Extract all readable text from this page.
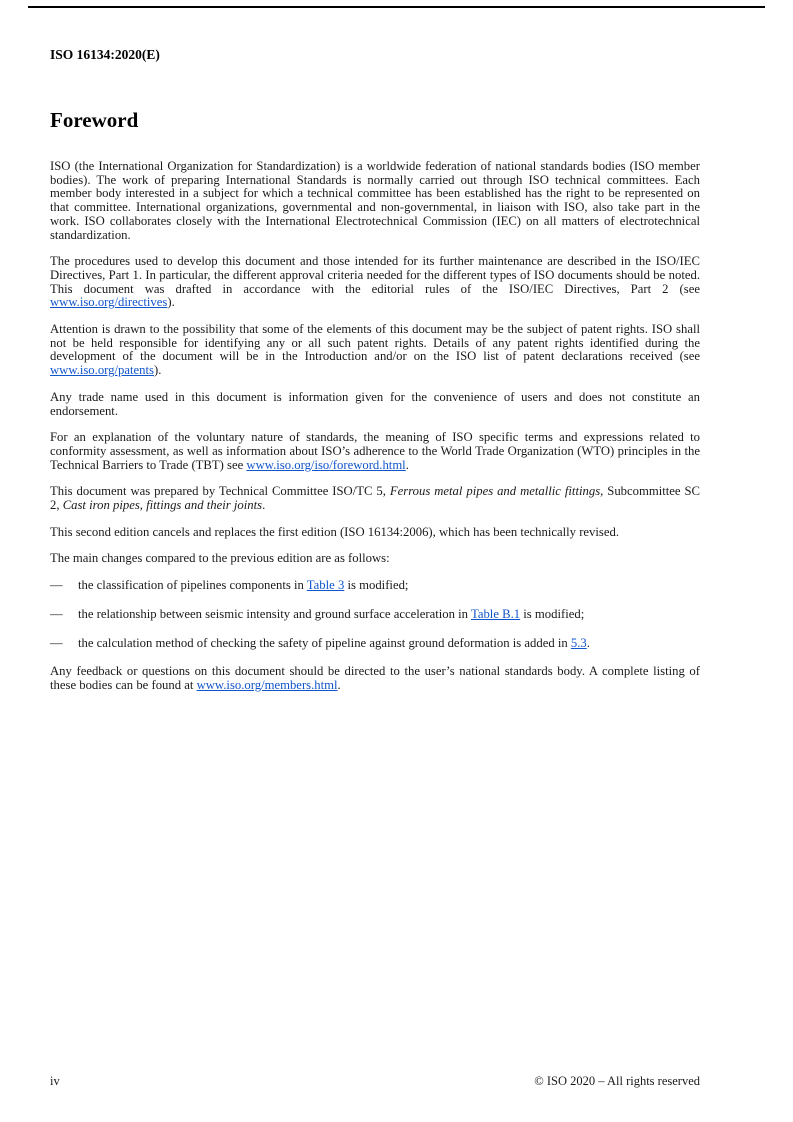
ISO 16134:2020(E)
Foreword

ISO (the International Organization for Standardization) is a worldwide federation of national standards bodies (ISO member bodies). The work of preparing International Standards is normally carried out through ISO technical committees. Each member body interested in a subject for which a technical committee has been established has the right to be represented on that committee. International organizations, governmental and non-governmental, in liaison with ISO, also take part in the work. ISO collaborates closely with the International Electrotechnical Commission (IEC) on all matters of electrotechnical standardization.

The procedures used to develop this document and those intended for its further maintenance are described in the ISO/IEC Directives, Part 1. In particular, the different approval criteria needed for the different types of ISO documents should be noted. This document was drafted in accordance with the editorial rules of the ISO/IEC Directives, Part 2 (see www.iso.org/directives).

Attention is drawn to the possibility that some of the elements of this document may be the subject of patent rights. ISO shall not be held responsible for identifying any or all such patent rights. Details of any patent rights identified during the development of the document will be in the Introduction and/or on the ISO list of patent declarations received (see www.iso.org/patents).

Any trade name used in this document is information given for the convenience of users and does not constitute an endorsement.

For an explanation of the voluntary nature of standards, the meaning of ISO specific terms and expressions related to conformity assessment, as well as information about ISO’s adherence to the World Trade Organization (WTO) principles in the Technical Barriers to Trade (TBT) see www.iso.org/iso/foreword.html.

This document was prepared by Technical Committee ISO/TC 5, Ferrous metal pipes and metallic fittings, Subcommittee SC 2, Cast iron pipes, fittings and their joints.

This second edition cancels and replaces the first edition (ISO 16134:2006), which has been technically revised.

The main changes compared to the previous edition are as follows:

—	the classification of pipelines components in Table 3 is modified;
—	the relationship between seismic intensity and ground surface acceleration in Table B.1 is modified;
—	the calculation method of checking the safety of pipeline against ground deformation is added in 5.3.

Any feedback or questions on this document should be directed to the user’s national standards body. A complete listing of these bodies can be found at www.iso.org/members.html.

iv	© ISO 2020 – All rights reserved
